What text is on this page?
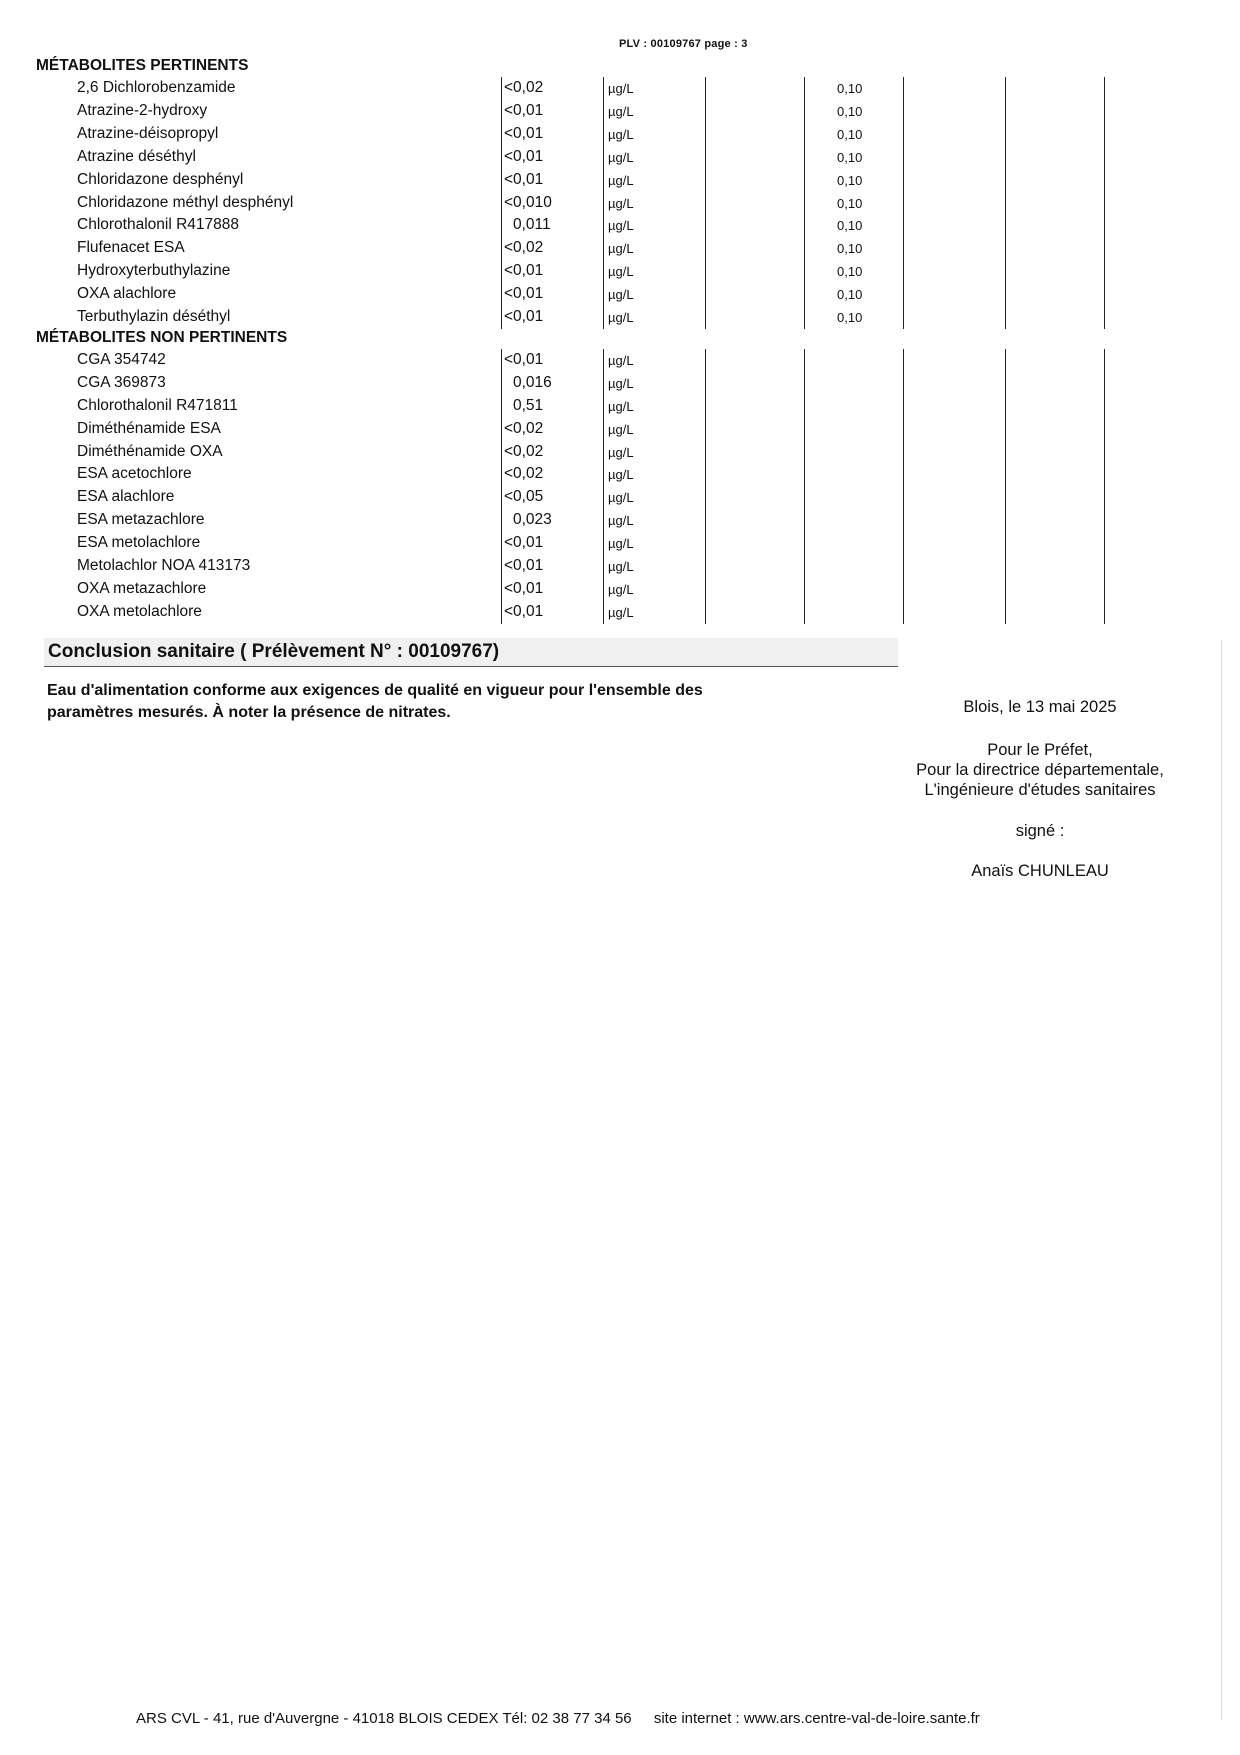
PLV : 00109767 page : 3
MÉTABOLITES PERTINENTS
2,6 Dichlorobenzamide	<0,02	µg/L	0,10
Atrazine-2-hydroxy	<0,01	µg/L	0,10
Atrazine-déisopropyl	<0,01	µg/L	0,10
Atrazine déséthyl	<0,01	µg/L	0,10
Chloridazone desphényl	<0,01	µg/L	0,10
Chloridazone méthyl desphényl	<0,010	µg/L	0,10
Chlorothalonil R417888	0,011	µg/L	0,10
Flufenacet ESA	<0,02	µg/L	0,10
Hydroxyterbuthylazine	<0,01	µg/L	0,10
OXA alachlore	<0,01	µg/L	0,10
Terbuthylazin déséthyl	<0,01	µg/L	0,10
MÉTABOLITES NON PERTINENTS
CGA 354742	<0,01	µg/L
CGA 369873	0,016	µg/L
Chlorothalonil R471811	0,51	µg/L
Diméthénamide ESA	<0,02	µg/L
Diméthénamide OXA	<0,02	µg/L
ESA acetochlore	<0,02	µg/L
ESA alachlore	<0,05	µg/L
ESA metazachlore	0,023	µg/L
ESA metolachlore	<0,01	µg/L
Metolachlor NOA 413173	<0,01	µg/L
OXA metazachlore	<0,01	µg/L
OXA metolachlore	<0,01	µg/L
Conclusion sanitaire ( Prélèvement N° : 00109767)
Eau d'alimentation conforme aux exigences de qualité en vigueur pour l'ensemble des
paramètres mesurés. À noter la présence de nitrates.	Blois, le 13 mai 2025
Pour le Préfet,
Pour la directrice départementale,
L'ingénieure d'études sanitaires
signé :
Anaïs CHUNLEAU
ARS CVL - 41, rue d'Auvergne - 41018 BLOIS CEDEX Tél: 02 38 77 34 56 site internet : www.ars.centre-val-de-loire.sante.fr
